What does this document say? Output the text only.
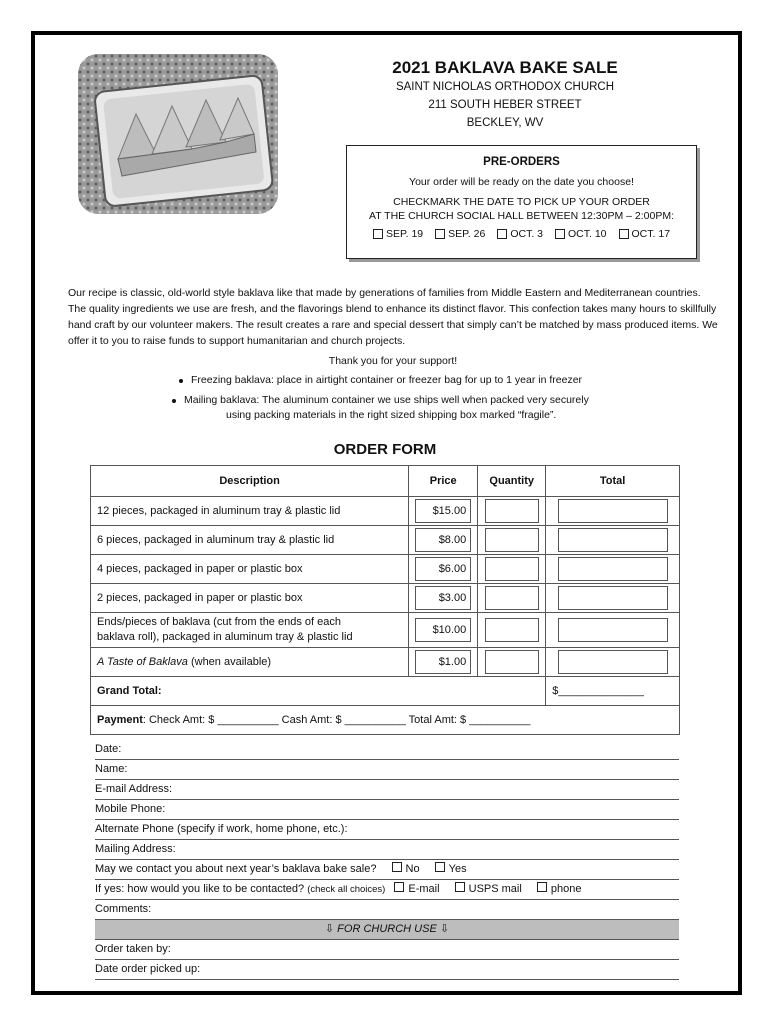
2021 BAKLAVA BAKE SALE
SAINT NICHOLAS ORTHODOX CHURCH
211 SOUTH HEBER STREET
BECKLEY, WV
PRE-ORDERS
Your order will be ready on the date you choose!
CHECKMARK THE DATE TO PICK UP YOUR ORDER
AT THE CHURCH SOCIAL HALL BETWEEN 12:30PM – 2:00PM:
SEP. 19 SEP. 26 OCT. 3 OCT. 10 OCT. 17
Our recipe is classic, old-world style baklava like that made by generations of families from Middle Eastern and Mediterranean countries. The quality ingredients we use are fresh, and the flavorings blend to enhance its distinct flavor. This confection takes many hours to skillfully hand craft by our volunteer makers. The result creates a rare and special dessert that simply can’t be matched by mass produced items. We offer it to you to raise funds to support humanitarian and church projects.
Thank you for your support!
Freezing baklava: place in airtight container or freezer bag for up to 1 year in freezer
Mailing baklava: The aluminum container we use ships well when packed very securely
using packing materials in the right sized shipping box marked “fragile”.
ORDER FORM
Description	Price	Quantity	Total
12 pieces, packaged in aluminum tray & plastic lid	$15.00		

6 pieces, packaged in aluminum tray & plastic lid	$8.00		

4 pieces, packaged in paper or plastic box	$6.00		

2 pieces, packaged in paper or plastic box	$3.00		

Ends/pieces of baklava (cut from the ends of each
baklava roll), packaged in aluminum tray & plastic lid	$10.00		

A Taste of Baklava (when available)	$1.00		

Grand Total:			$______________
Payment: Check Amt: $ __________ Cash Amt: $ __________ Total Amt: $ __________			
Date:
Name:
E-mail Address:
Mobile Phone:
Alternate Phone (specify if work, home phone, etc.):
Mailing Address:
May we contact you about next year’s baklava bake sale?	No	Yes
If yes: how would you like to be contacted? (check all choices) E-mail	USPS mail	phone
Comments:
⇩ FOR CHURCH USE ⇩
Order taken by:
Date order picked up:
